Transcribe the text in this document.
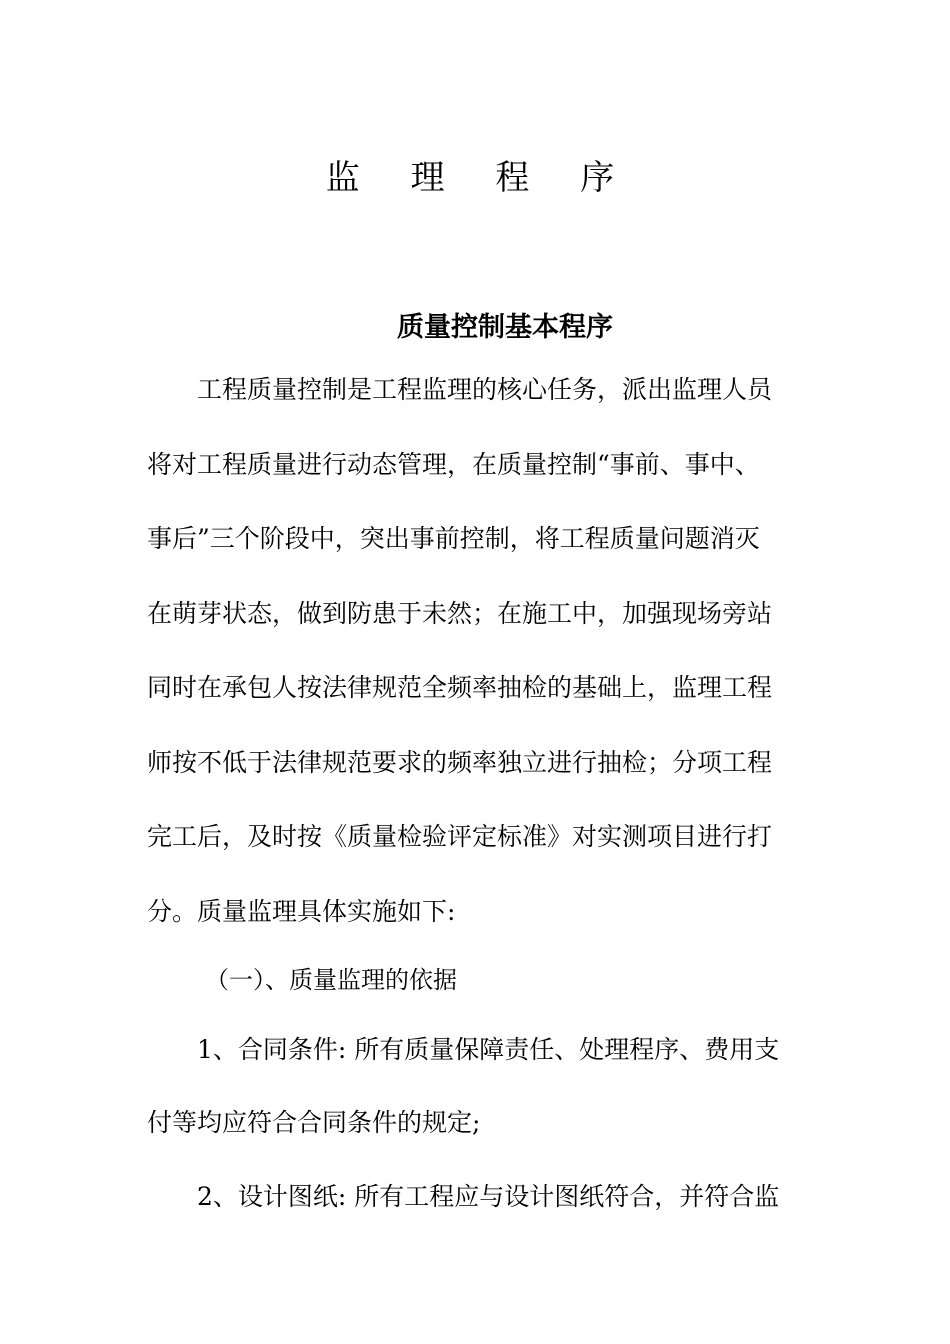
监 理 程 序
质量控制基本程序
工程质量控制是工程监理的核心任务，派出监理人员
将对工程质量进行动态管理，在质量控制“事前、事中、
事后”三个阶段中，突出事前控制，将工程质量问题消灭
在萌芽状态，做到防患于未然；在施工中，加强现场旁站
同时在承包人按法律规范全频率抽检的基础上，监理工程
师按不低于法律规范要求的频率独立进行抽检；分项工程
完工后，及时按《质量检验评定标准》对实测项目进行打
分。质量监理具体实施如下:
（一）、质量监理的依据
1、合同条件: 所有质量保障责任、处理程序、费用支
付等均应符合合同条件的规定;
2、设计图纸: 所有工程应与设计图纸符合，并符合监
